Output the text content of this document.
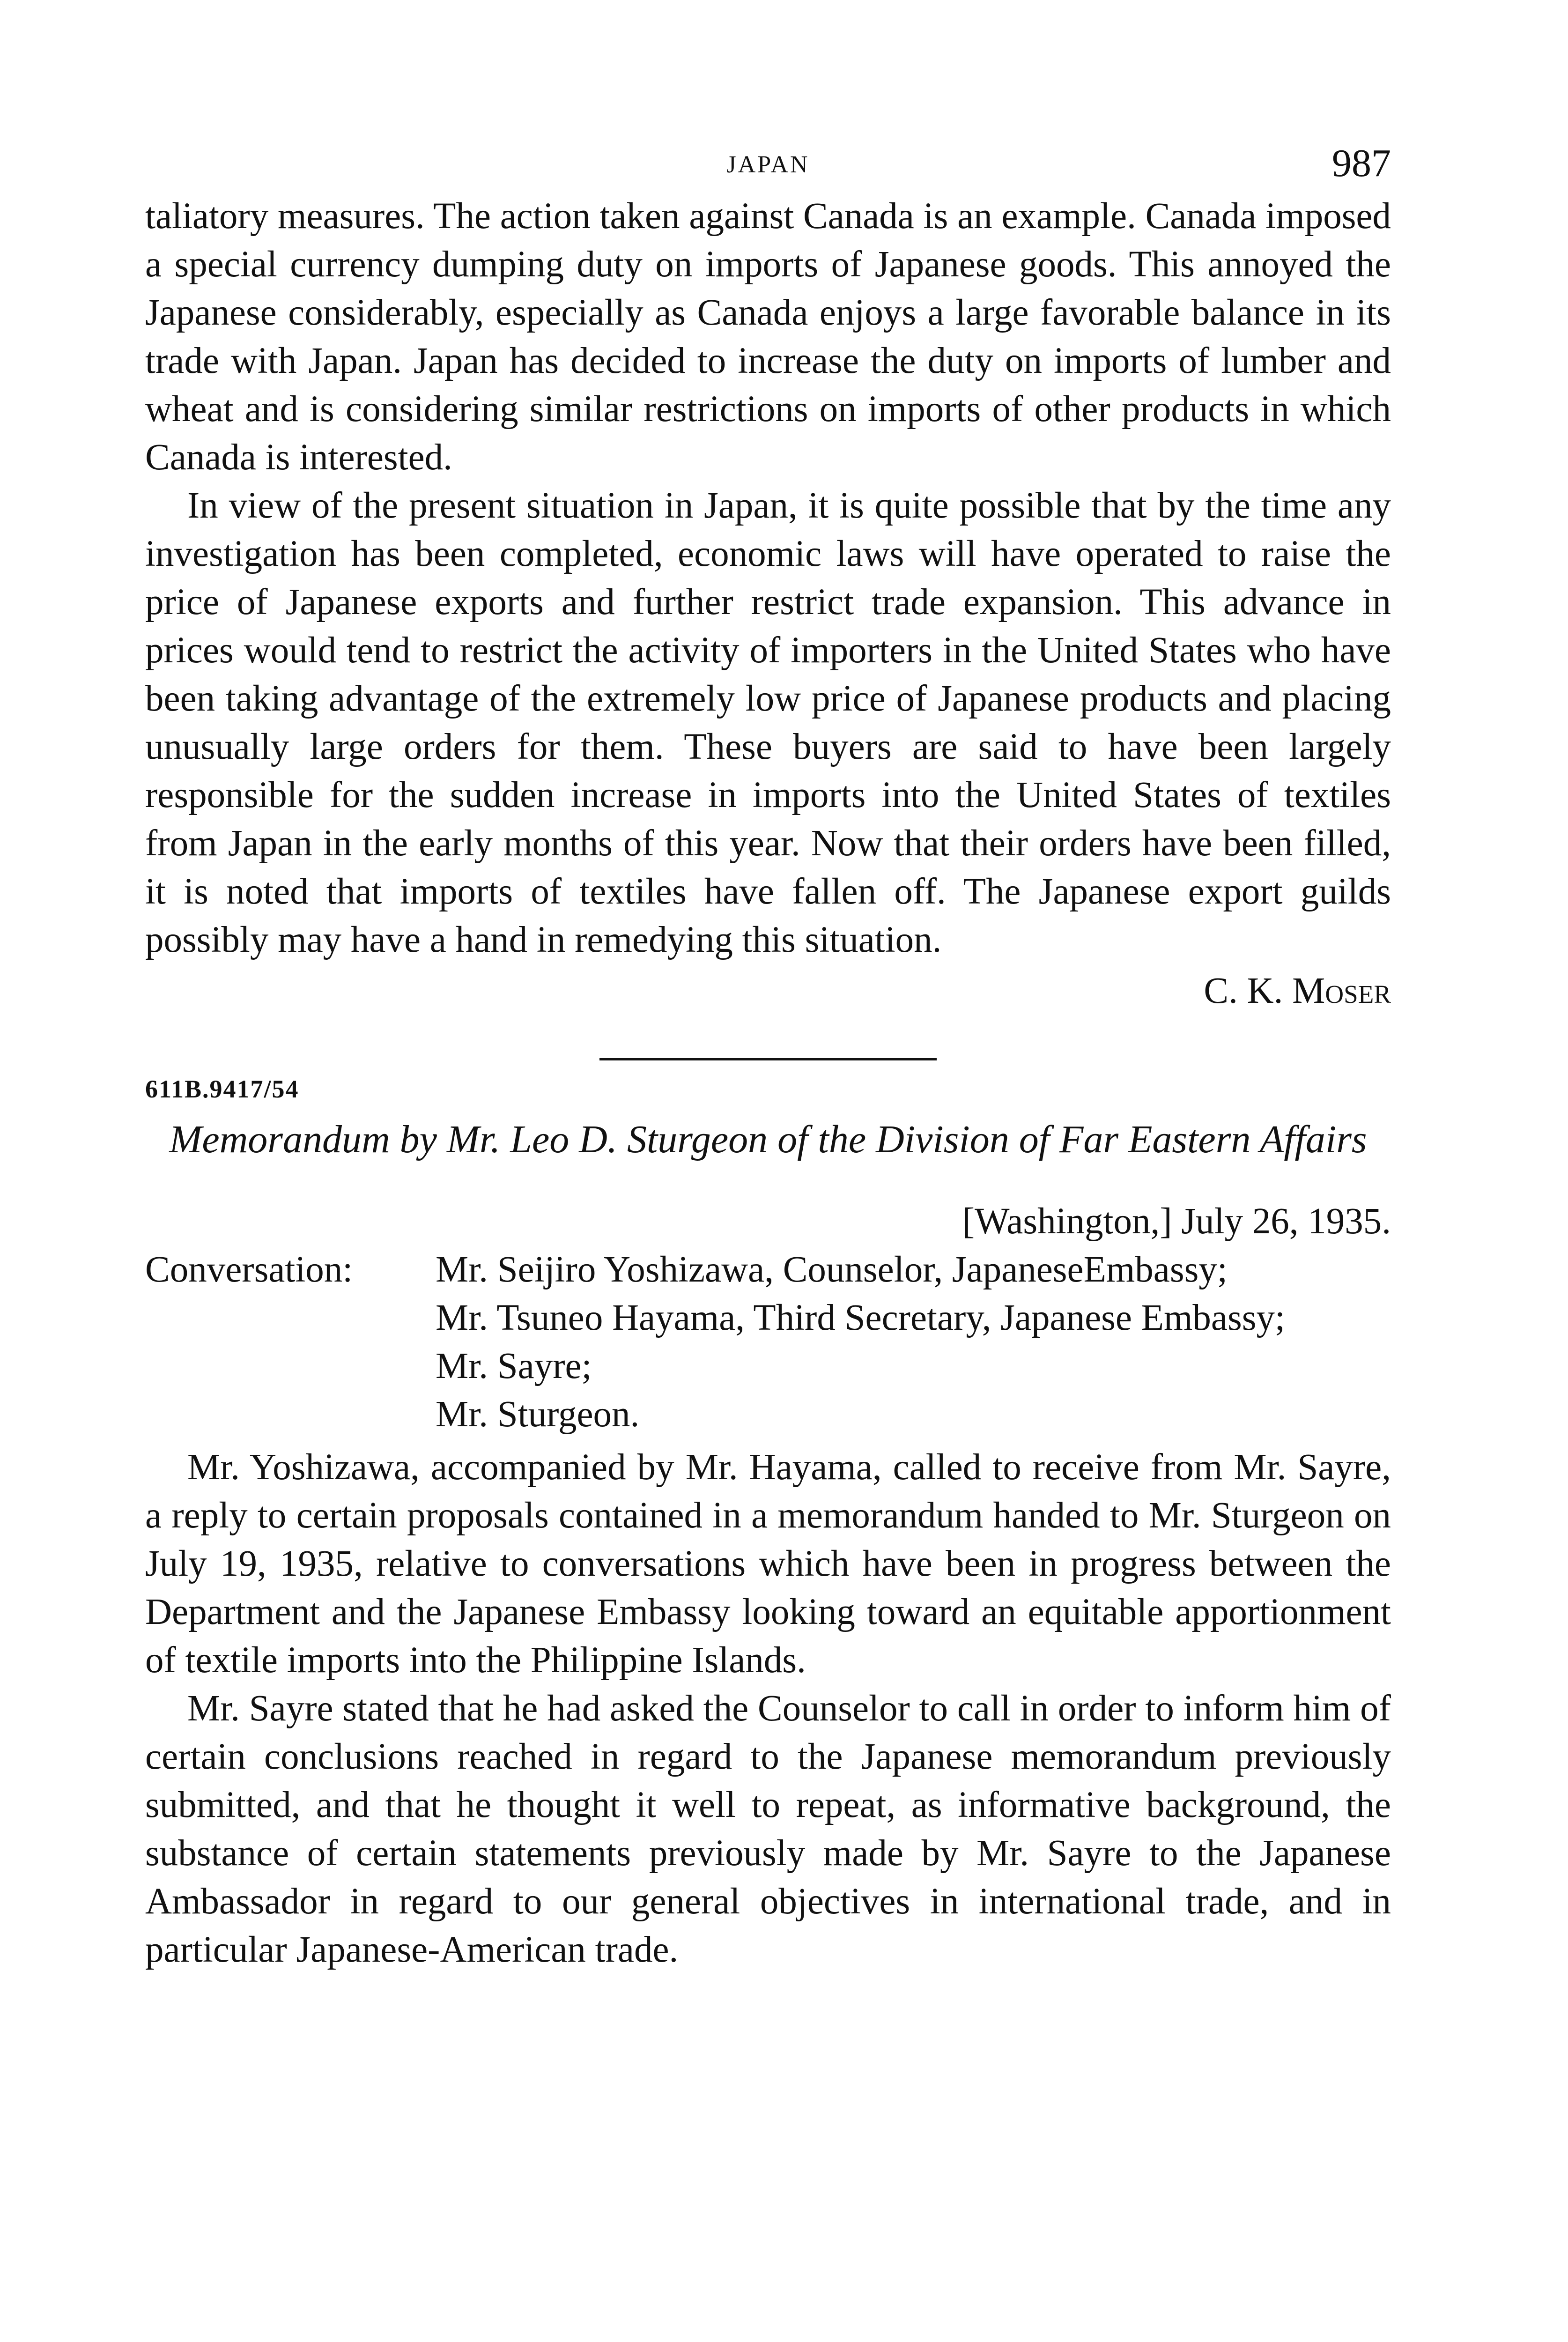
JAPAN	987

taliatory measures. The action taken against Canada is an example. Canada imposed a special currency dumping duty on imports of Japanese goods. This annoyed the Japanese considerably, especially as Canada enjoys a large favorable balance in its trade with Japan. Japan has decided to increase the duty on imports of lumber and wheat and is considering similar restrictions on imports of other products in which Canada is interested.

In view of the present situation in Japan, it is quite possible that by the time any investigation has been completed, economic laws will have operated to raise the price of Japanese exports and further restrict trade expansion. This advance in prices would tend to restrict the activity of importers in the United States who have been taking advantage of the extremely low price of Japanese products and placing unusually large orders for them. These buyers are said to have been largely responsible for the sudden increase in imports into the United States of textiles from Japan in the early months of this year. Now that their orders have been filled, it is noted that imports of textiles have fallen off. The Japanese export guilds possibly may have a hand in remedying this situation.

C. K. Moser
611B.9417/54
Memorandum by Mr. Leo D. Sturgeon of the Division of Far Eastern Affairs
[Washington,] July 26, 1935.
Conversation:	Mr. Seijiro Yoshizawa, Counselor, JapaneseEmbassy;
Mr. Tsuneo Hayama, Third Secretary, Japanese Embassy;
Mr. Sayre;
Mr. Sturgeon.

Mr. Yoshizawa, accompanied by Mr. Hayama, called to receive from Mr. Sayre, a reply to certain proposals contained in a memorandum handed to Mr. Sturgeon on July 19, 1935, relative to conversations which have been in progress between the Department and the Japanese Embassy looking toward an equitable apportionment of textile imports into the Philippine Islands.

Mr. Sayre stated that he had asked the Counselor to call in order to inform him of certain conclusions reached in regard to the Japanese memorandum previously submitted, and that he thought it well to repeat, as informative background, the substance of certain statements previously made by Mr. Sayre to the Japanese Ambassador in regard to our general objectives in international trade, and in particular Japanese-American trade.
